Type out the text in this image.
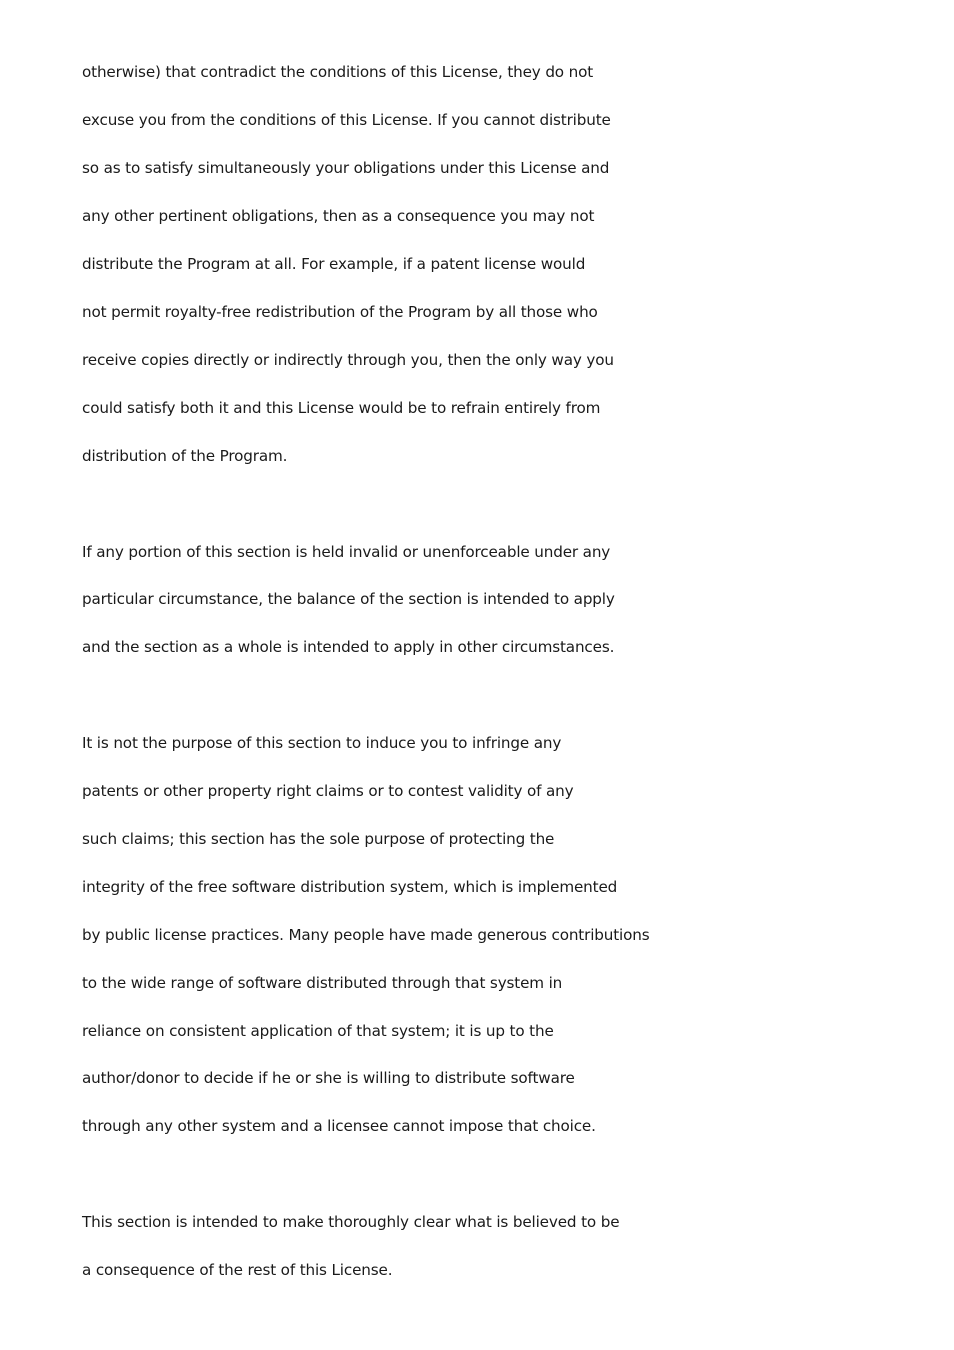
otherwise) that contradict the conditions of this License, they do not
excuse you from the conditions of this License. If you cannot distribute
so as to satisfy simultaneously your obligations under this License and
any other pertinent obligations, then as a consequence you may not
distribute the Program at all. For example, if a patent license would
not permit royalty-free redistribution of the Program by all those who
receive copies directly or indirectly through you, then the only way you
could satisfy both it and this License would be to refrain entirely from
distribution of the Program.
If any portion of this section is held invalid or unenforceable under any
particular circumstance, the balance of the section is intended to apply
and the section as a whole is intended to apply in other circumstances.
It is not the purpose of this section to induce you to infringe any
patents or other property right claims or to contest validity of any
such claims; this section has the sole purpose of protecting the
integrity of the free software distribution system, which is implemented
by public license practices. Many people have made generous contributions
to the wide range of software distributed through that system in
reliance on consistent application of that system; it is up to the
author/donor to decide if he or she is willing to distribute software
through any other system and a licensee cannot impose that choice.
This section is intended to make thoroughly clear what is believed to be
a consequence of the rest of this License.
